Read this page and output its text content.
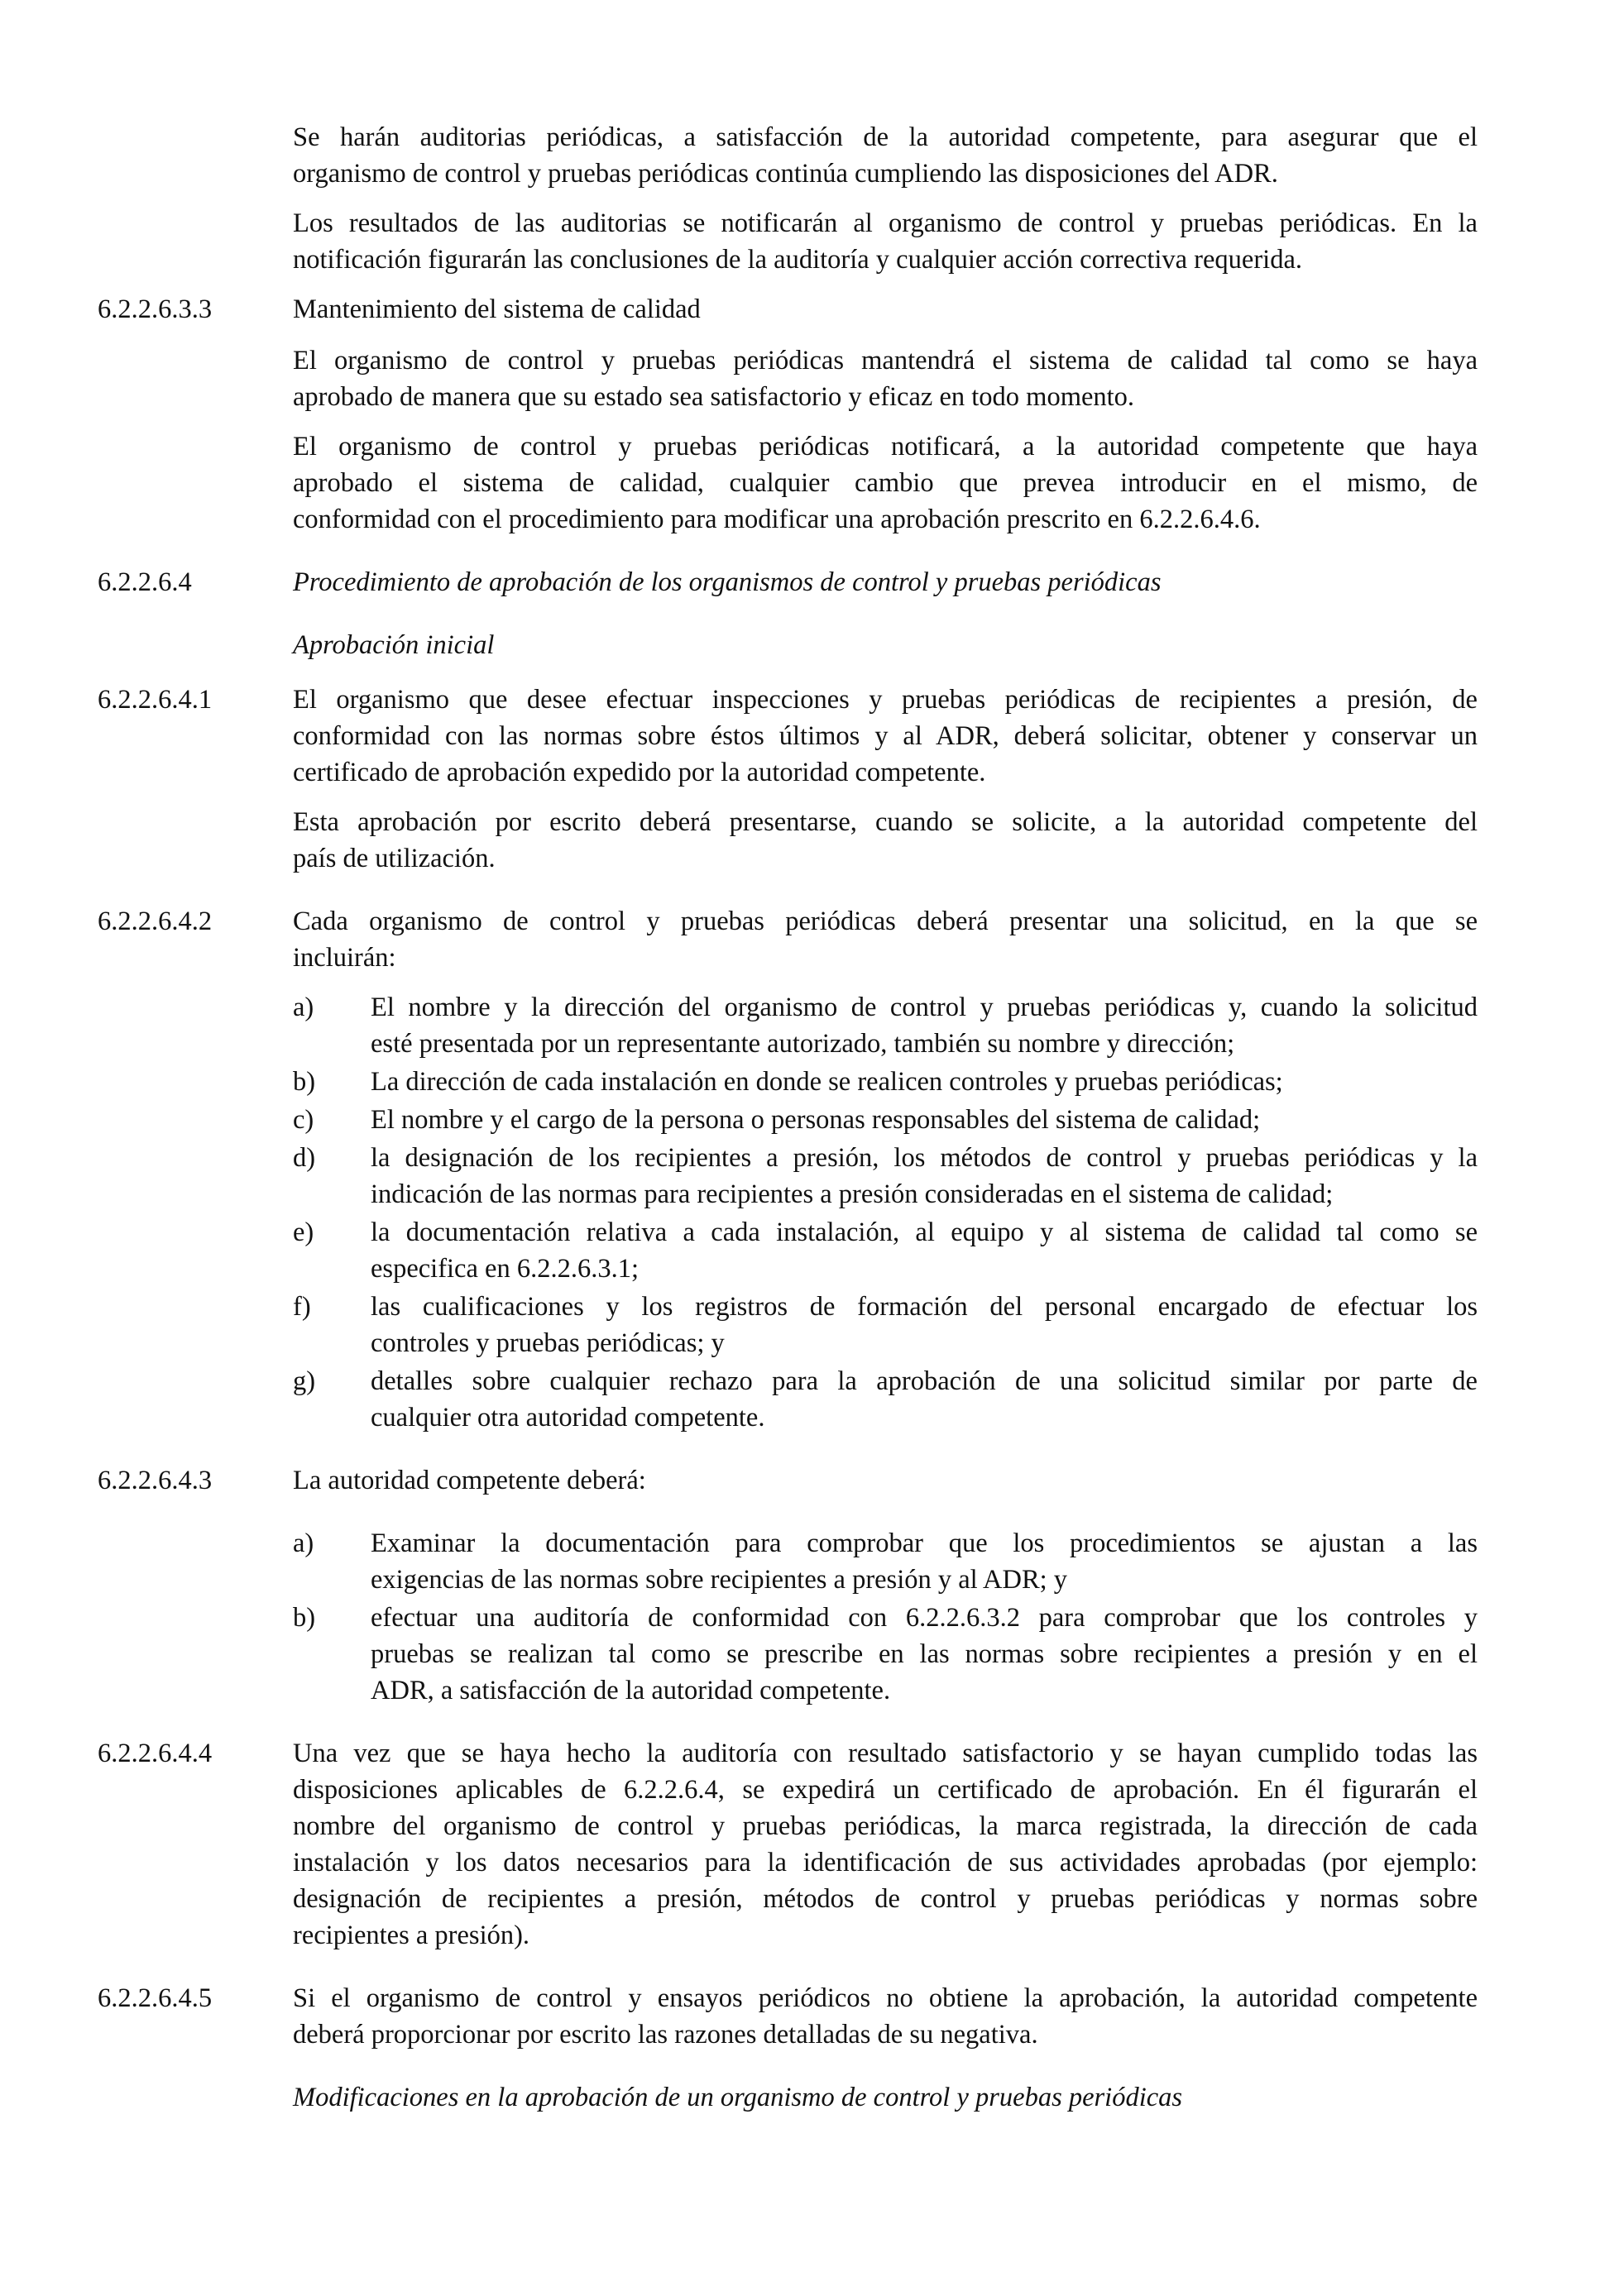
Se harán auditorias periódicas, a satisfacción de la autoridad competente, para asegurar que el
organismo de control y pruebas periódicas continúa cumpliendo las disposiciones del ADR.
Los resultados de las auditorias se notificarán al organismo de control y pruebas periódicas. En la
notificación figurarán las conclusiones de la auditoría y cualquier acción correctiva requerida.
6.2.2.6.3.3	Mantenimiento del sistema de calidad
El organismo de control y pruebas periódicas mantendrá el sistema de calidad tal como se haya
aprobado de manera que su estado sea satisfactorio y eficaz en todo momento.
El organismo de control y pruebas periódicas notificará, a la autoridad competente que haya
aprobado el sistema de calidad, cualquier cambio que prevea introducir en el mismo, de
conformidad con el procedimiento para modificar una aprobación prescrito en 6.2.2.6.4.6.
6.2.2.6.4	Procedimiento de aprobación de los organismos de control y pruebas periódicas
Aprobación inicial
6.2.2.6.4.1	El organismo que desee efectuar inspecciones y pruebas periódicas de recipientes a presión, de
conformidad con las normas sobre éstos últimos y al ADR, deberá solicitar, obtener y conservar un
certificado de aprobación expedido por la autoridad competente.
Esta aprobación por escrito deberá presentarse, cuando se solicite, a la autoridad competente del
país de utilización.
6.2.2.6.4.2	Cada organismo de control y pruebas periódicas deberá presentar una solicitud, en la que se
incluirán:
a) El nombre y la dirección del organismo de control y pruebas periódicas y, cuando la solicitud
esté presentada por un representante autorizado, también su nombre y dirección;
b) La dirección de cada instalación en donde se realicen controles y pruebas periódicas;
c) El nombre y el cargo de la persona o personas responsables del sistema de calidad;
d) la designación de los recipientes a presión, los métodos de control y pruebas periódicas y la
indicación de las normas para recipientes a presión consideradas en el sistema de calidad;
e) la documentación relativa a cada instalación, al equipo y al sistema de calidad tal como se
especifica en 6.2.2.6.3.1;
f) las cualificaciones y los registros de formación del personal encargado de efectuar los
controles y pruebas periódicas; y
g) detalles sobre cualquier rechazo para la aprobación de una solicitud similar por parte de
cualquier otra autoridad competente.
6.2.2.6.4.3	La autoridad competente deberá:
a) Examinar la documentación para comprobar que los procedimientos se ajustan a las
exigencias de las normas sobre recipientes a presión y al ADR; y
b) efectuar una auditoría de conformidad con 6.2.2.6.3.2 para comprobar que los controles y
pruebas se realizan tal como se prescribe en las normas sobre recipientes a presión y en el
ADR, a satisfacción de la autoridad competente.
6.2.2.6.4.4	Una vez que se haya hecho la auditoría con resultado satisfactorio y se hayan cumplido todas las
disposiciones aplicables de 6.2.2.6.4, se expedirá un certificado de aprobación. En él figurarán el
nombre del organismo de control y pruebas periódicas, la marca registrada, la dirección de cada
instalación y los datos necesarios para la identificación de sus actividades aprobadas (por ejemplo:
designación de recipientes a presión, métodos de control y pruebas periódicas y normas sobre
recipientes a presión).
6.2.2.6.4.5	Si el organismo de control y ensayos periódicos no obtiene la aprobación, la autoridad competente
deberá proporcionar por escrito las razones detalladas de su negativa.
Modificaciones en la aprobación de un organismo de control y pruebas periódicas
